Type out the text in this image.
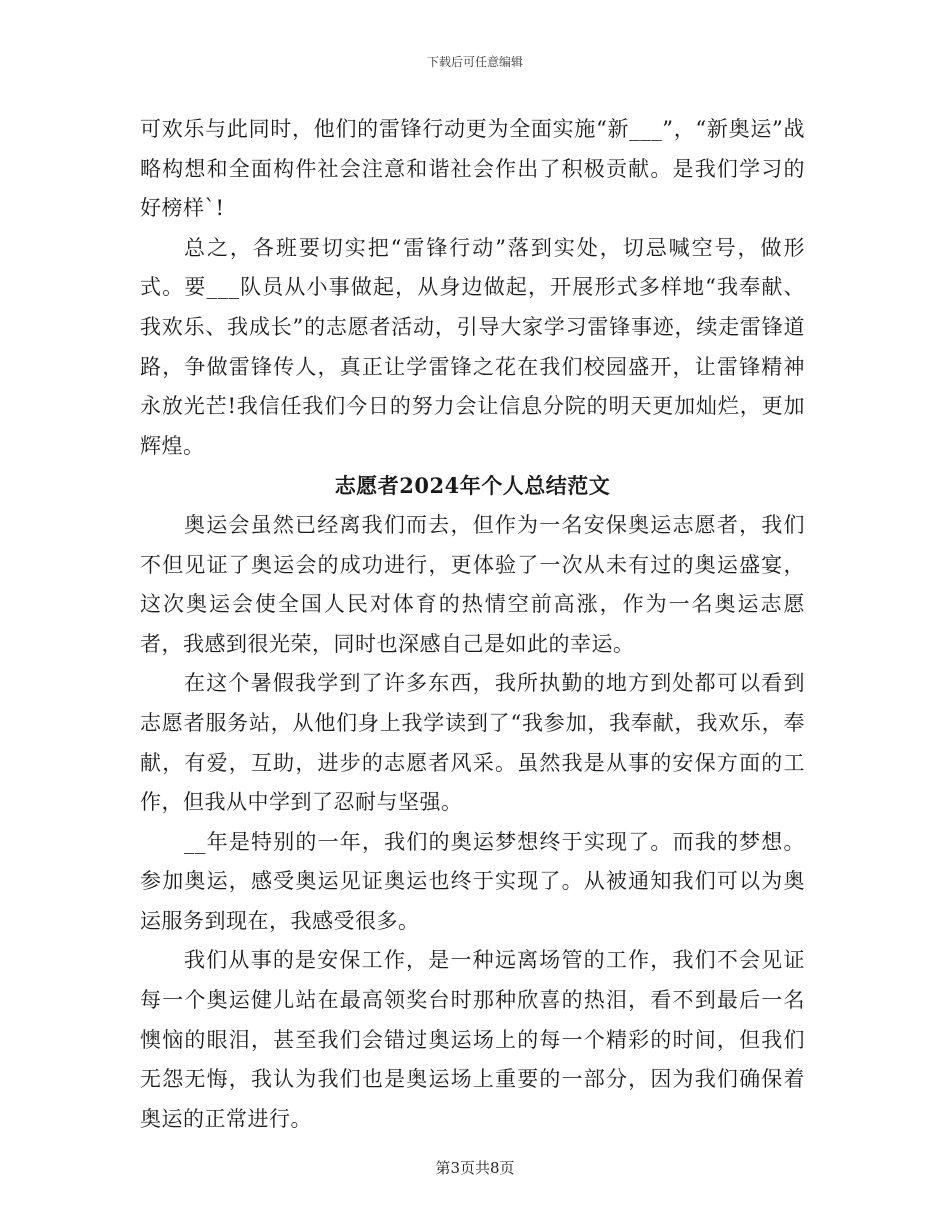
下载后可任意编辑

可欢乐与此同时，他们的雷锋行动更为全面实施“新___”，“新奥运”战略构想和全面构件社会注意和谐社会作出了积极贡献。是我们学习的好榜样`!

总之，各班要切实把“雷锋行动”落到实处，切忌喊空号，做形式。要___队员从小事做起，从身边做起，开展形式多样地“我奉献、我欢乐、我成长”的志愿者活动，引导大家学习雷锋事迹，续走雷锋道路，争做雷锋传人，真正让学雷锋之花在我们校园盛开，让雷锋精神永放光芒!我信任我们今日的努力会让信息分院的明天更加灿烂，更加辉煌。

志愿者2024年个人总结范文

奥运会虽然已经离我们而去，但作为一名安保奥运志愿者，我们不但见证了奥运会的成功进行，更体验了一次从未有过的奥运盛宴，这次奥运会使全国人民对体育的热情空前高涨，作为一名奥运志愿者，我感到很光荣，同时也深感自己是如此的幸运。

在这个暑假我学到了许多东西，我所执勤的地方到处都可以看到志愿者服务站，从他们身上我学读到了“我参加，我奉献，我欢乐，奉献，有爱，互助，进步的志愿者风采。虽然我是从事的安保方面的工作，但我从中学到了忍耐与坚强。

__年是特别的一年，我们的奥运梦想终于实现了。而我的梦想。参加奥运，感受奥运见证奥运也终于实现了。从被通知我们可以为奥运服务到现在，我感受很多。

我们从事的是安保工作，是一种远离场管的工作，我们不会见证每一个奥运健儿站在最高领奖台时那种欣喜的热泪，看不到最后一名懊恼的眼泪，甚至我们会错过奥运场上的每一个精彩的时间，但我们无怨无悔，我认为我们也是奥运场上重要的一部分，因为我们确保着奥运的正常进行。

第3页共8页
